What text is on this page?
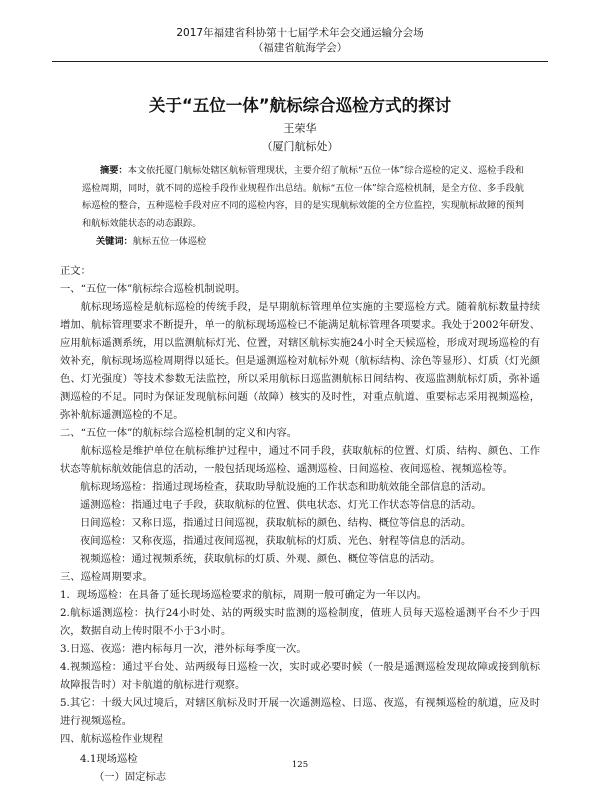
2017年福建省科协第十七届学术年会交通运输分会场
（福建省航海学会）
关于“五位一体”航标综合巡检方式的探讨
王荣华
（厦门航标处）
摘要：本文依托厦门航标处辖区航标管理现状，主要介绍了航标“五位一体”综合巡检的定义、巡检手段和巡检周期，同时，就不同的巡检手段作业规程作出总结。航标“五位一体”综合巡检机制，是全方位、多手段航标巡检的整合，五种巡检手段对应不同的巡检内容，目的是实现航标效能的全方位监控，实现航标故障的预判和航标效能状态的动态跟踪。
关键词：航标五位一体巡检

正文：

一、“五位一体”航标综合巡检机制说明。

航标现场巡检是航标巡检的传统手段，是早期航标管理单位实施的主要巡检方式。随着航标数量持续增加、航标管理要求不断提升，单一的航标现场巡检已不能满足航标管理各项要求。我处于2002年研发、应用航标遥测系统，用以监测航标灯光、位置，对辖区航标实施24小时全天候巡检，形成对现场巡检的有效补充，航标现场巡检周期得以延长。但是遥测巡检对航标外观（航标结构、涂色等显形）、灯质（灯光颜色、灯光强度）等技术参数无法监控，所以采用航标日巡监测航标日间结构、夜巡监测航标灯质，弥补遥测巡检的不足。同时为保证发现航标问题（故障）核实的及时性，对重点航道、重要标志采用视频巡检，弥补航标遥测巡检的不足。

二、“五位一体”的航标综合巡检机制的定义和内容。

航标巡检是维护单位在航标维护过程中，通过不同手段，获取航标的位置、灯质、结构、颜色、工作状态等航标航效能信息的活动，一般包括现场巡检、遥测巡检、日间巡检、夜间巡检、视频巡检等。

航标现场巡检：指通过现场检查，获取助导航设施的工作状态和助航效能全部信息的活动。

遥测巡检：指通过电子手段，获取航标的位置、供电状态、灯光工作状态等信息的活动。

日间巡检：又称日巡，指通过日间巡视，获取航标的颜色、结构、概位等信息的活动。

夜间巡检：又称夜巡，指通过夜间巡视，获取航标的灯质、光色、射程等信息的活动。

视频巡检：通过视频系统，获取航标的灯质、外观、颜色、概位等信息的活动。

三、巡检周期要求。

1．现场巡检：在具备了延长现场巡检要求的航标，周期一般可确定为一年以内。

2.航标遥测巡检：执行24小时处、站的两级实时监测的巡检制度，值班人员每天巡检遥测平台不少于四次，数据自动上传时限不小于3小时。

3.日巡、夜巡：港内标每月一次，港外标每季度一次。

4.视频巡检：通过平台处、站两级每日巡检一次，实时或必要时候（一般是遥测巡检发现故障或接到航标故障报告时）对卡航道的航标进行观察。

5.其它：十级大风过境后，对辖区航标及时开展一次遥测巡检、日巡、夜巡，有视频巡检的航道，应及时进行视频巡检。

四、航标巡检作业规程

4.1现场巡检

（一）固定标志

125
